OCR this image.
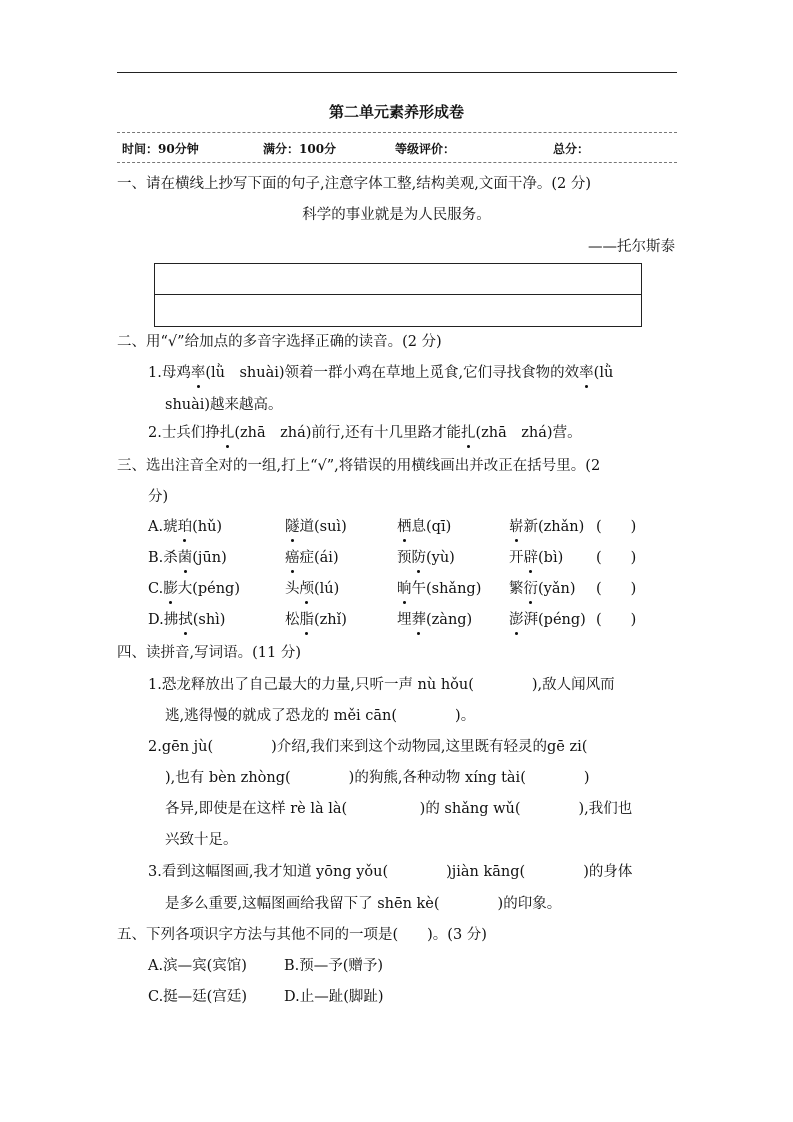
第二单元素养形成卷
时间：90分钟	满分：100分	等级评价：	总分：
一、请在横线上抄写下面的句子,注意字体工整,结构美观,文面干净。(2 分)
科学的事业就是为人民服务。
——托尔斯泰
二、用“√”给加点的多音字选择正确的读音。(2 分)
1.母鸡率(lǜ　shuài)领着一群小鸡在草地上觅食,它们寻找食物的效率(lǜ
shuài)越来越高。
2.士兵们挣扎(zhā　zhá)前行,还有十几里路才能扎(zhā　zhá)营。
三、选出注音全对的一组,打上“√”,将错误的用横线画出并改正在括号里。(2
分)
A.琥珀(hǔ)	隧道(suì)	栖息(qī)	崭新(zhǎn) (　　)
B.杀菌(jūn)	癌症(ái)	预防(yù)	开辟(bì) (　　)
C.膨大(péng)	头颅(lú)	晌午(shǎng) 繁衍(yǎn) (　　)
D.拂拭(shì)	松脂(zhǐ)	埋葬(zàng)	澎湃(péng) (　　)
四、读拼音,写词语。(11 分)
1.恐龙释放出了自己最大的力量,只听一声 nù hǒu(　　　　),敌人闻风而
逃,逃得慢的就成了恐龙的 měi cān(　　　　)。
2.gēn jù(　　　　)介绍,我们来到这个动物园,这里既有轻灵的gē zi(
),也有 bèn zhòng(　　　　)的狗熊,各种动物 xíng tài(　　　　)
各异,即使是在这样 rè là là(　　　　　)的 shǎng wǔ(　　　　),我们也
兴致十足。
3.看到这幅图画,我才知道 yōng yǒu(　　　　)jiàn kāng(　　　　)的身体
是多么重要,这幅图画给我留下了 shēn kè(　　　　)的印象。
五、下列各项识字方法与其他不同的一项是(　　)。(3 分)
A.滨—宾(宾馆)	B.预—予(赠予)
C.挺—廷(宫廷)	D.止—趾(脚趾)
